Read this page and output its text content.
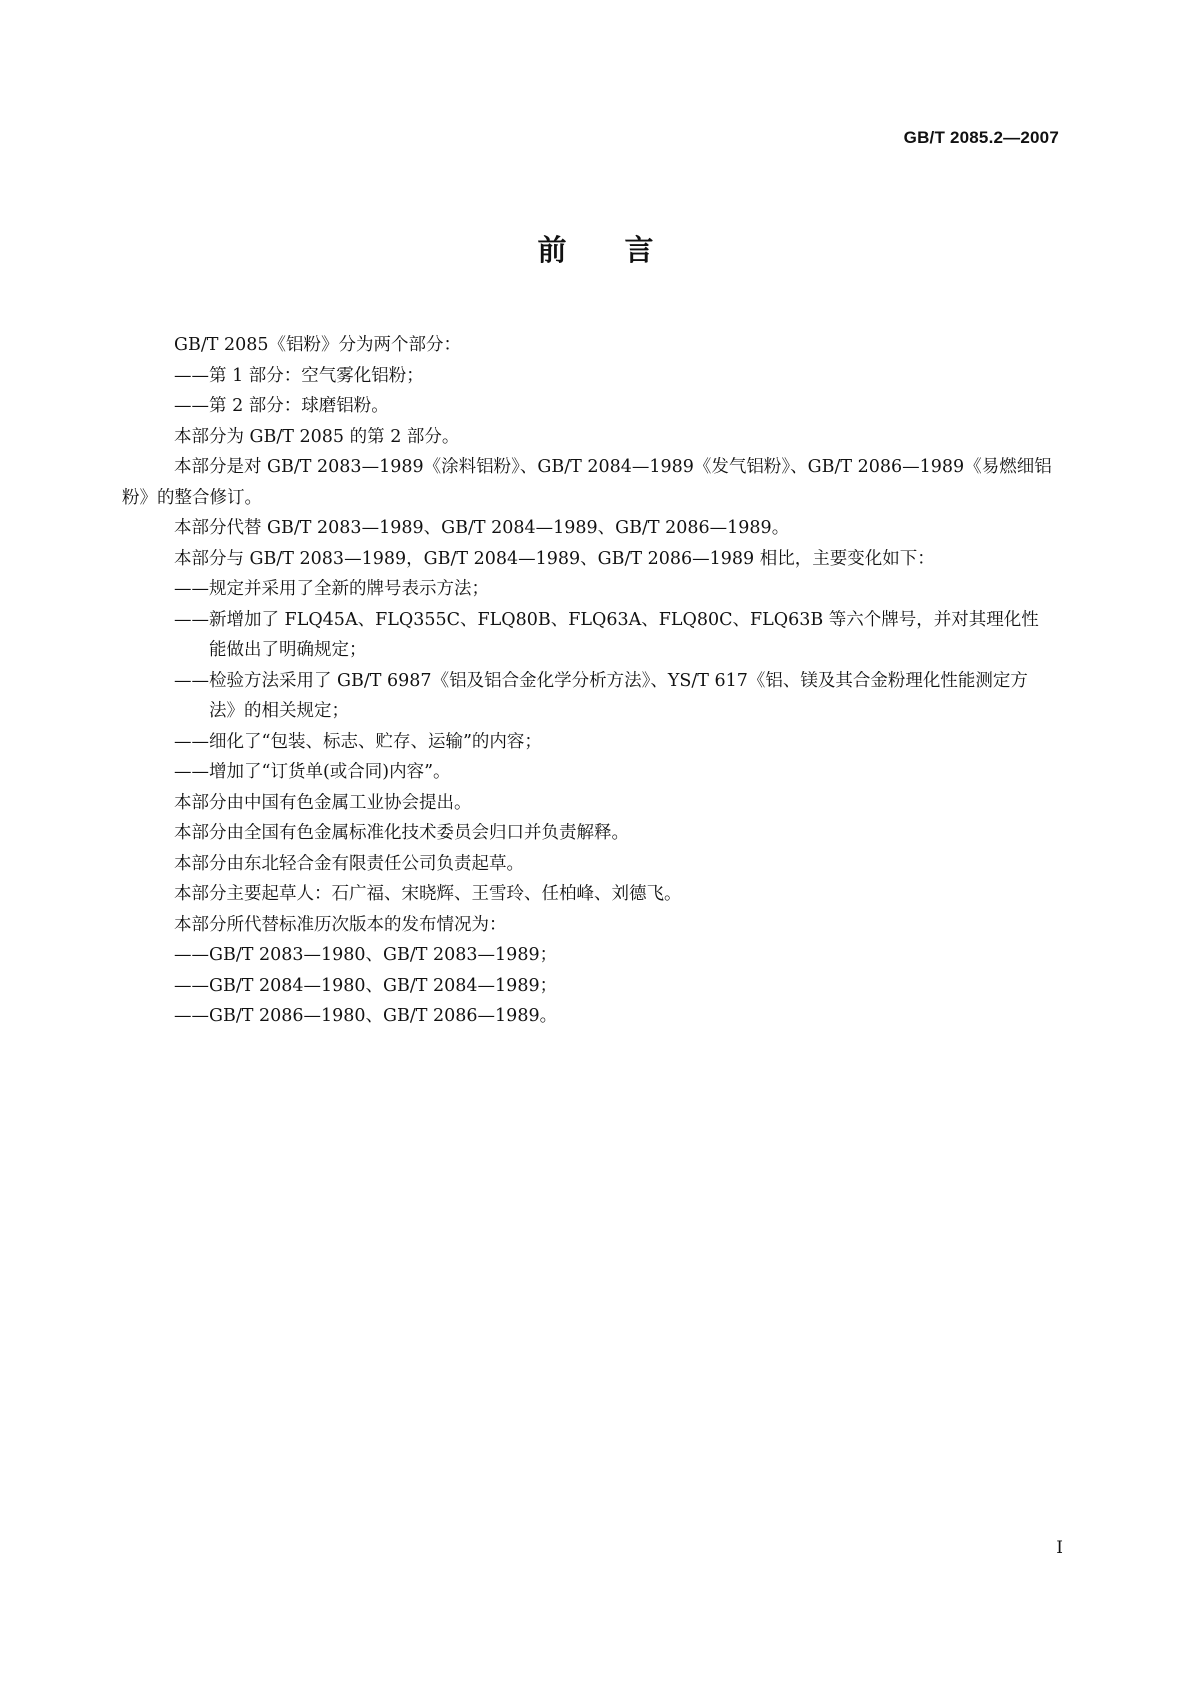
GB/T 2085.2—2007
前言
GB/T 2085《铝粉》分为两个部分：
——第 1 部分：空气雾化铝粉；
——第 2 部分：球磨铝粉。
本部分为 GB/T 2085 的第 2 部分。
本部分是对 GB/T 2083—1989《涂料铝粉》、GB/T 2084—1989《发气铝粉》、GB/T 2086—1989《易燃细铝粉》的整合修订。
本部分代替 GB/T 2083—1989、GB/T 2084—1989、GB/T 2086—1989。
本部分与 GB/T 2083—1989，GB/T 2084—1989、GB/T 2086—1989 相比，主要变化如下：
——规定并采用了全新的牌号表示方法；
——新增加了 FLQ45A、FLQ355C、FLQ80B、FLQ63A、FLQ80C、FLQ63B 等六个牌号，并对其理化性能做出了明确规定；
——检验方法采用了 GB/T 6987《铝及铝合金化学分析方法》、YS/T 617《铝、镁及其合金粉理化性能测定方法》的相关规定；
——细化了“包装、标志、贮存、运输”的内容；
——增加了“订货单(或合同)内容”。
本部分由中国有色金属工业协会提出。
本部分由全国有色金属标准化技术委员会归口并负责解释。
本部分由东北轻合金有限责任公司负责起草。
本部分主要起草人：石广福、宋晓辉、王雪玲、任柏峰、刘德飞。
本部分所代替标准历次版本的发布情况为：
——GB/T 2083—1980、GB/T 2083—1989；
——GB/T 2084—1980、GB/T 2084—1989；
——GB/T 2086—1980、GB/T 2086—1989。
I
